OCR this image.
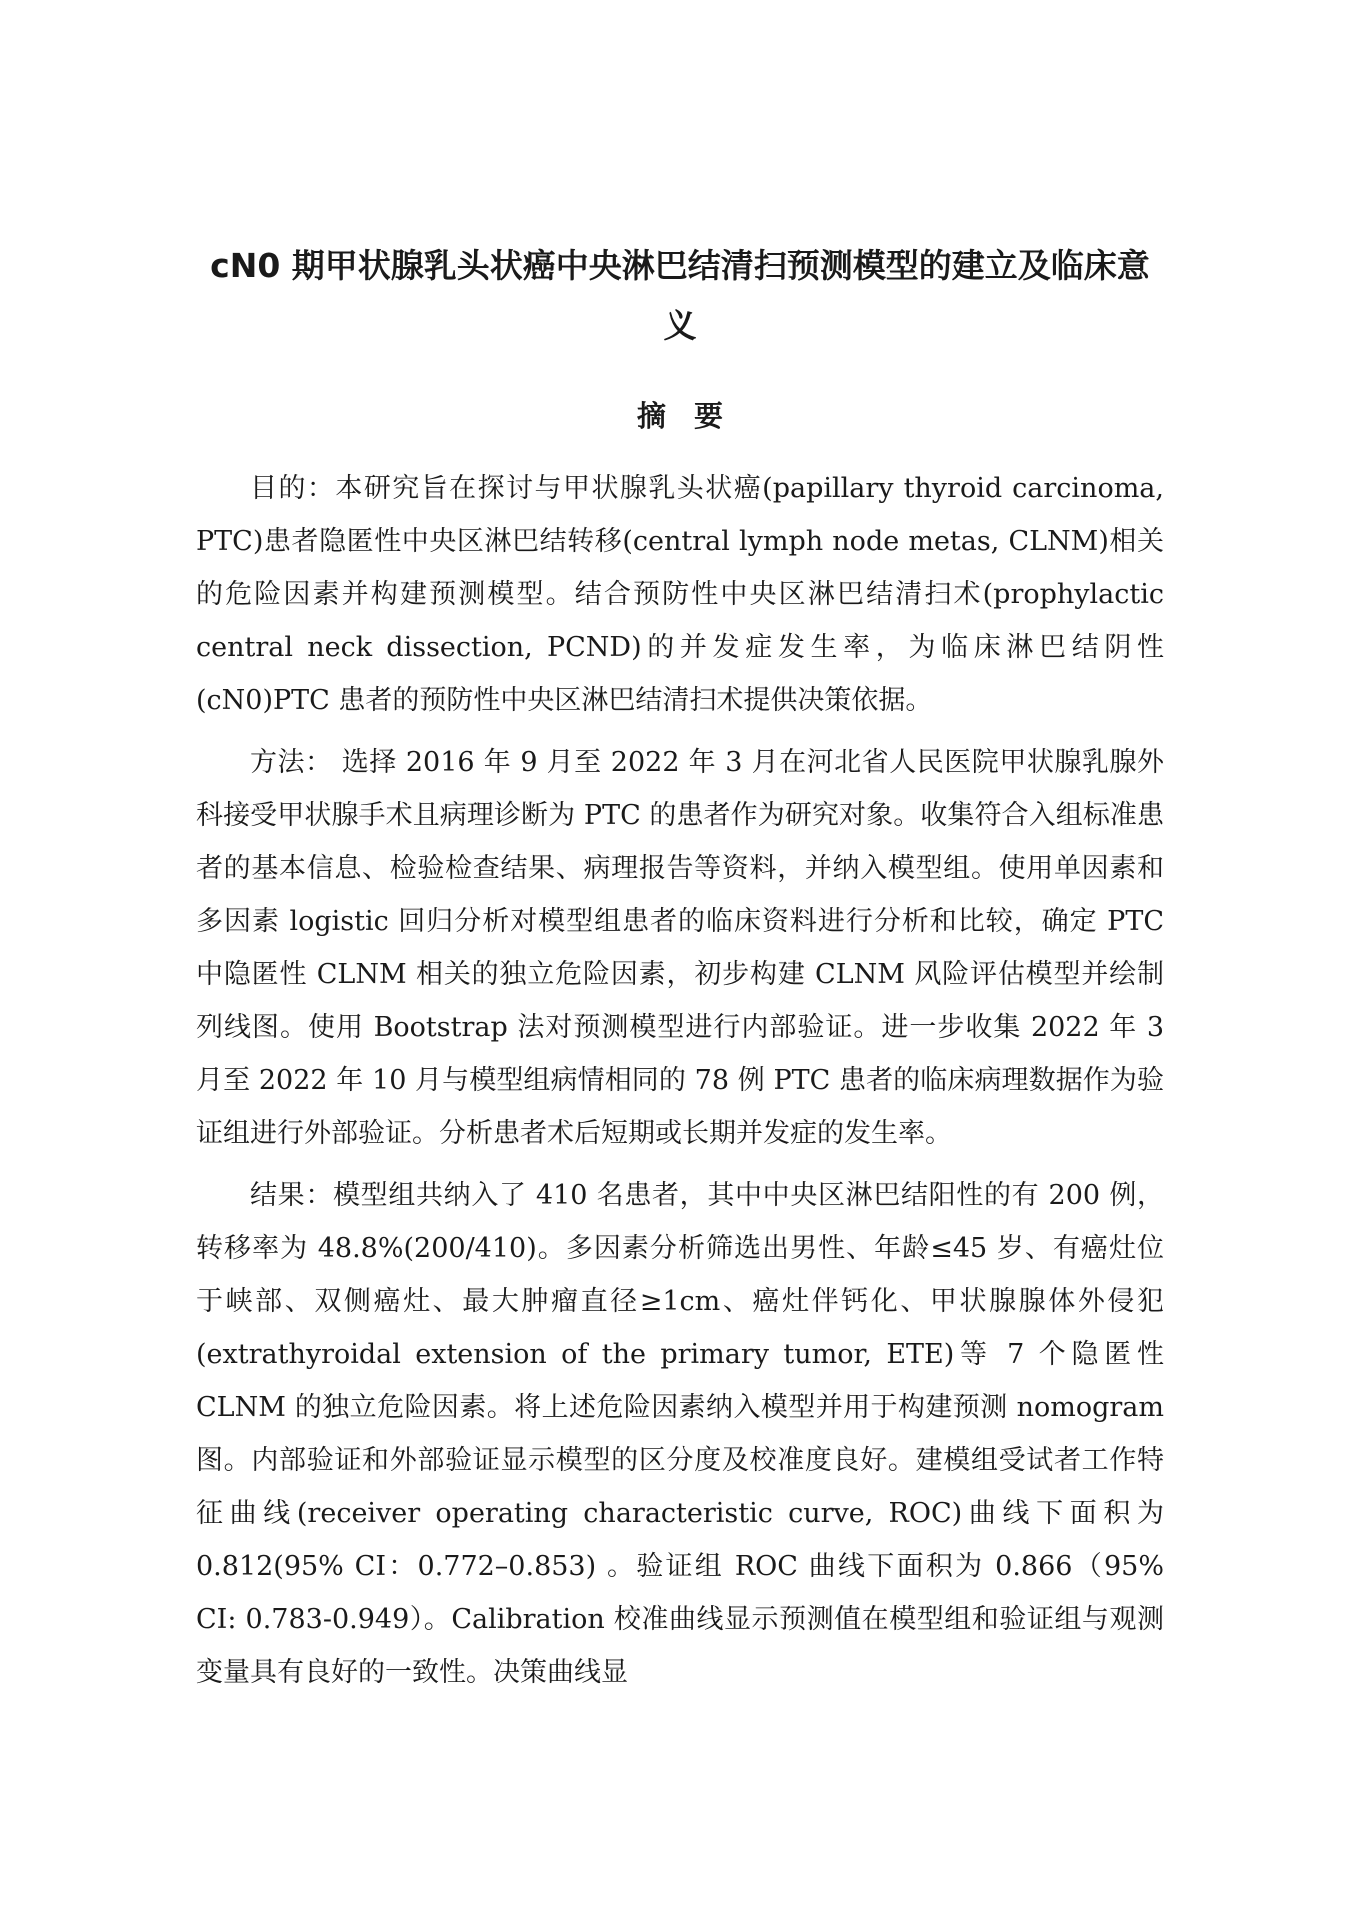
cN0 期甲状腺乳头状癌中央淋巴结清扫预测模型的建立及临床意义
摘要

目的：本研究旨在探讨与甲状腺乳头状癌(papillary thyroid carcinoma, PTC)患者隐匿性中央区淋巴结转移(central lymph node metas, CLNM)相关的危险因素并构建预测模型。结合预防性中央区淋巴结清扫术(prophylactic central neck dissection, PCND)的并发症发生率，为临床淋巴结阴性(cN0)PTC 患者的预防性中央区淋巴结清扫术提供决策依据。

方法： 选择 2016 年 9 月至 2022 年 3 月在河北省人民医院甲状腺乳腺外科接受甲状腺手术且病理诊断为 PTC 的患者作为研究对象。收集符合入组标准患者的基本信息、检验检查结果、病理报告等资料，并纳入模型组。使用单因素和多因素 logistic 回归分析对模型组患者的临床资料进行分析和比较，确定 PTC 中隐匿性 CLNM 相关的独立危险因素，初步构建 CLNM 风险评估模型并绘制列线图。使用 Bootstrap 法对预测模型进行内部验证。进一步收集 2022 年 3 月至 2022 年 10 月与模型组病情相同的 78 例 PTC 患者的临床病理数据作为验证组进行外部验证。分析患者术后短期或长期并发症的发生率。

结果：模型组共纳入了 410 名患者，其中中央区淋巴结阳性的有 200 例，转移率为 48.8%(200/410)。多因素分析筛选出男性、年龄≤45 岁、有癌灶位于峡部、双侧癌灶、最大肿瘤直径≥1cm、癌灶伴钙化、甲状腺腺体外侵犯(extrathyroidal extension of the primary tumor, ETE)等 7 个隐匿性 CLNM 的独立危险因素。将上述危险因素纳入模型并用于构建预测 nomogram 图。内部验证和外部验证显示模型的区分度及校准度良好。建模组受试者工作特征曲线(receiver operating characteristic curve, ROC)曲线下面积为 0.812(95% CI：0.772–0.853) 。验证组 ROC 曲线下面积为 0.866（95% CI: 0.783-0.949）。Calibration 校准曲线显示预测值在模型组和验证组与观测变量具有良好的一致性。决策曲线显
